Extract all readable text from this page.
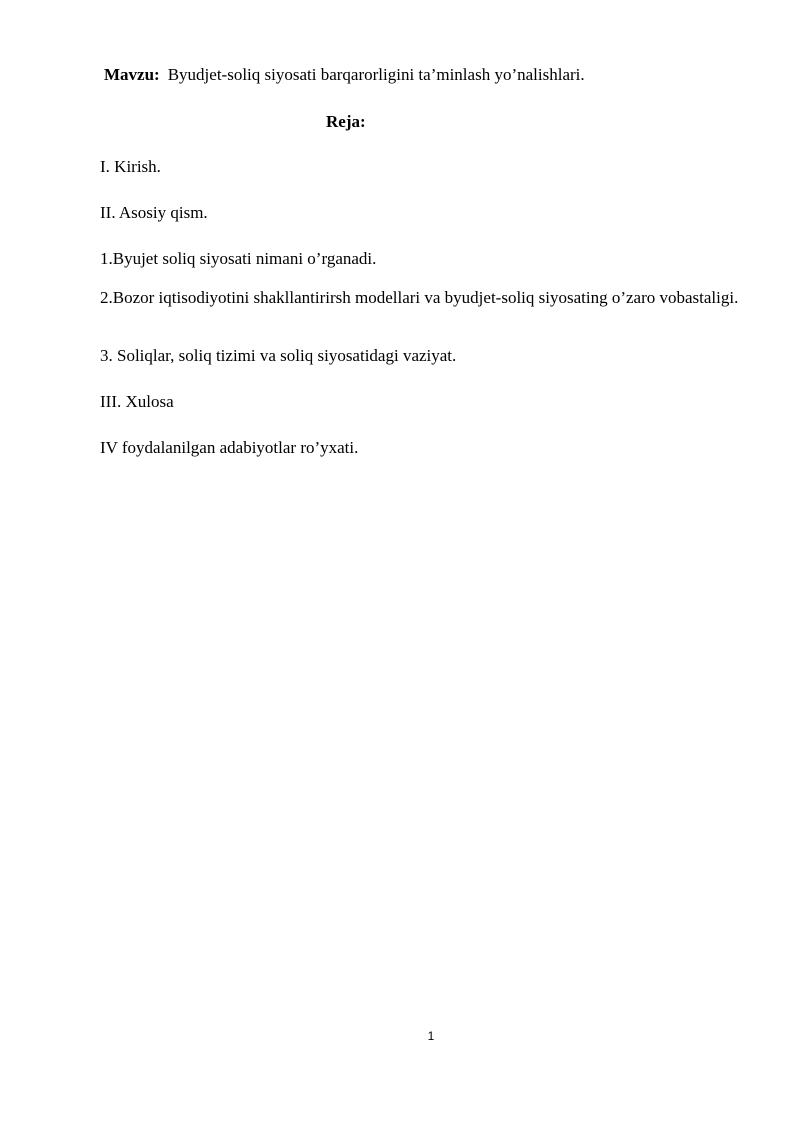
Mavzu: Byudjet-soliq siyosati barqarorligini ta’minlash yo’nalishlari.
Reja:
I. Kirish.
II. Asosiy qism.
1.Byujet soliq siyosati nimani o’rganadi.
2.Bozor iqtisodiyotini shakllantirirsh modellari va byudjet-soliq siyosating o’zaro vobastaligi.
3. Soliqlar, soliq tizimi va soliq siyosatidagi vaziyat.
III. Xulosa
IV foydalanilgan adabiyotlar ro’yxati.
1
